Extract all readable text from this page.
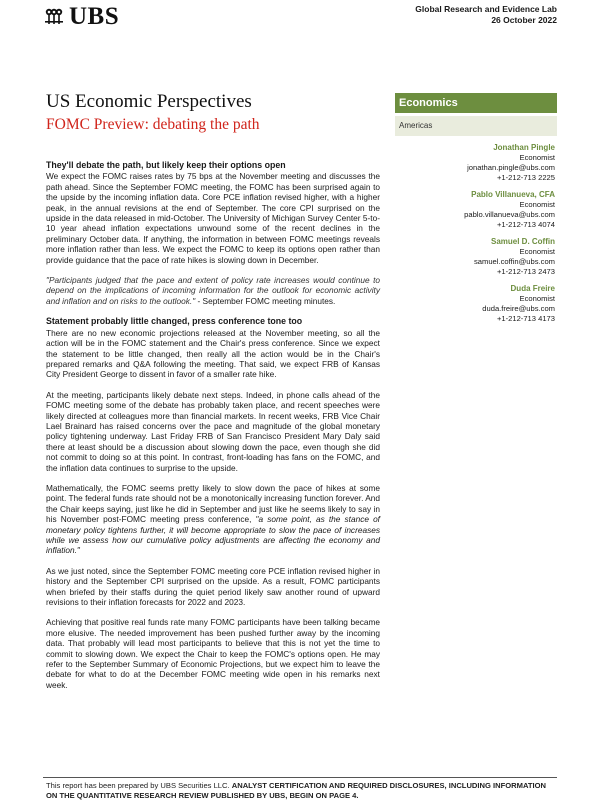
UBS	Global Research and Evidence Lab
26 October 2022
US Economic Perspectives
FOMC Preview: debating the path
Economics
Americas
Jonathan Pingle
Economist
jonathan.pingle@ubs.com
+1-212-713 2225
Pablo Villanueva, CFA
Economist
pablo.villanueva@ubs.com
+1-212-713 4074
Samuel D. Coffin
Economist
samuel.coffin@ubs.com
+1-212-713 2473
Duda Freire
Economist
duda.freire@ubs.com
+1-212-713 4173
They'll debate the path, but likely keep their options open

We expect the FOMC raises rates by 75 bps at the November meeting and discusses the path ahead. Since the September FOMC meeting, the FOMC has been surprised again to the upside by the incoming inflation data. Core PCE inflation revised higher, with a higher peak, in the annual revisions at the end of September. The core CPI surprised on the upside in the data released in mid-October. The University of Michigan Survey Center 5-to-10 year ahead inflation expectations unwound some of the recent declines in the preliminary October data. If anything, the information in between FOMC meetings reveals more inflation rather than less. We expect the FOMC to keep its options open rather than provide guidance that the pace of rate hikes is slowing down in December.

"Participants judged that the pace and extent of policy rate increases would continue to depend on the implications of incoming information for the outlook for economic activity and inflation and on risks to the outlook." - September FOMC meeting minutes.

Statement probably little changed, press conference tone too

There are no new economic projections released at the November meeting, so all the action will be in the FOMC statement and the Chair's press conference. Since we expect the statement to be little changed, then really all the action would be in the Chair's prepared remarks and Q&A following the meeting. That said, we expect FRB of Kansas City President George to dissent in favor of a smaller rate hike.

At the meeting, participants likely debate next steps. Indeed, in phone calls ahead of the FOMC meeting some of the debate has probably taken place, and recent speeches were likely directed at colleagues more than financial markets. In recent weeks, FRB Vice Chair Lael Brainard has raised concerns over the pace and magnitude of the global monetary policy tightening underway. Last Friday FRB of San Francisco President Mary Daly said there at least should be a discussion about slowing down the pace, even though she did not commit to doing so at this point. In contrast, front-loading has fans on the FOMC, and the inflation data continues to surprise to the upside.

Mathematically, the FOMC seems pretty likely to slow down the pace of hikes at some point. The federal funds rate should not be a monotonically increasing function forever. And the Chair keeps saying, just like he did in September and just like he seems likely to say in his November post-FOMC meeting press conference, "a some point, as the stance of monetary policy tightens further, it will become appropriate to slow the pace of increases while we assess how our cumulative policy adjustments are affecting the economy and inflation."

As we just noted, since the September FOMC meeting core PCE inflation revised higher in history and the September CPI surprised on the upside. As a result, FOMC participants when briefed by their staffs during the quiet period likely saw another round of upward revisions to their inflation forecasts for 2022 and 2023.

Achieving that positive real funds rate many FOMC participants have been talking became more elusive. The needed improvement has been pushed further away by the incoming data. That probably will lead most participants to believe that this is not yet the time to commit to slowing down. We expect the Chair to keep the FOMC's options open. He may refer to the September Summary of Economic Projections, but we expect him to leave the debate for what to do at the December FOMC meeting wide open in his remarks next week.

This report has been prepared by UBS Securities LLC. ANALYST CERTIFICATION AND REQUIRED DISCLOSURES, INCLUDING INFORMATION ON THE QUANTITATIVE RESEARCH REVIEW PUBLISHED BY UBS, BEGIN ON PAGE 4.
